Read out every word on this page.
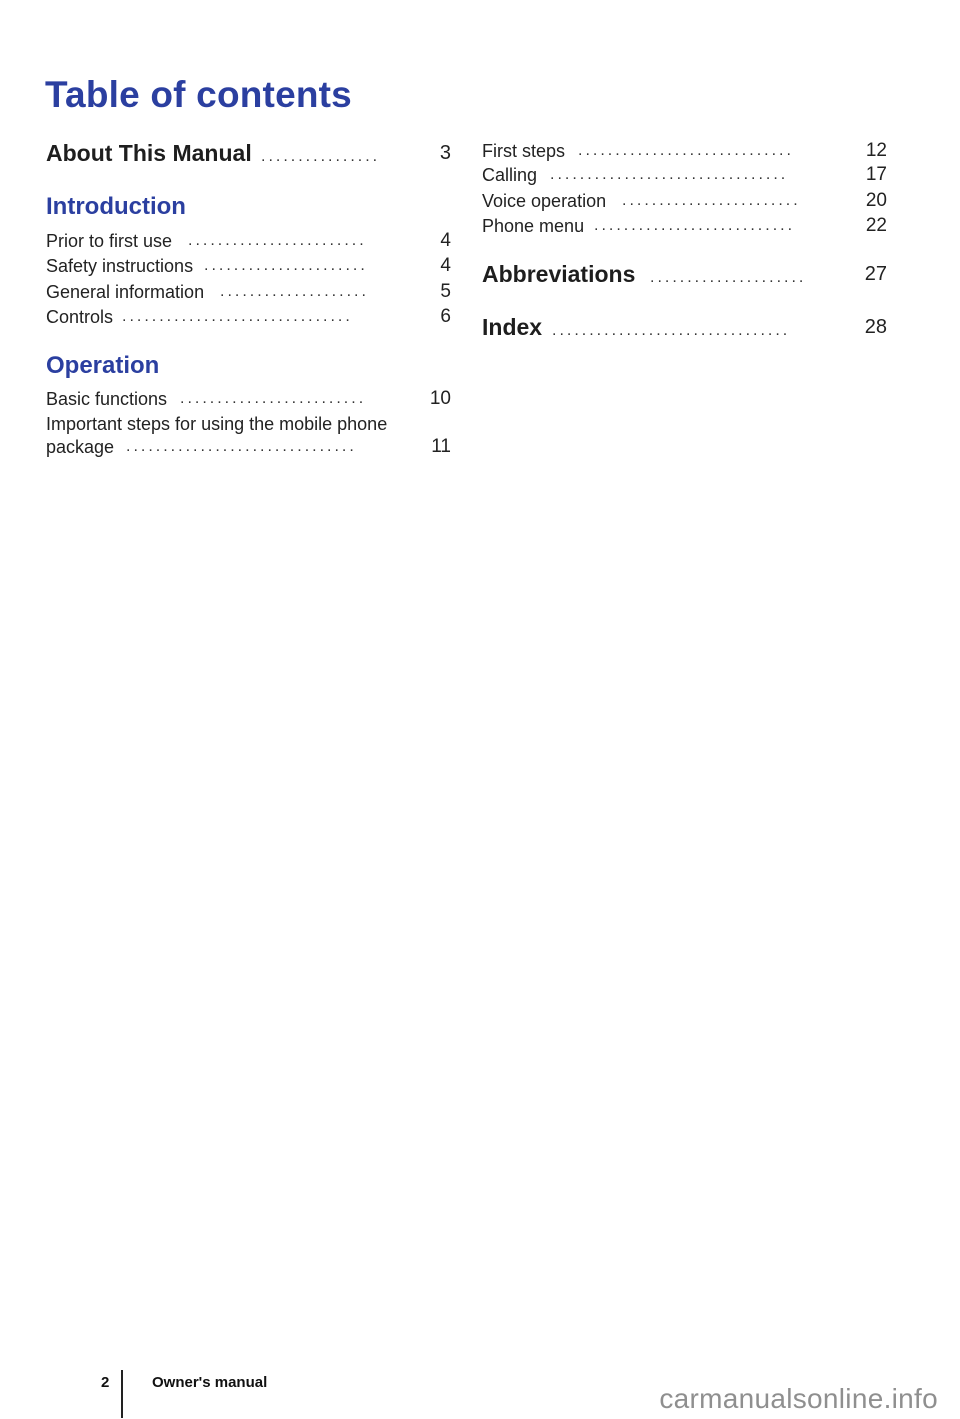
Table of contents
About This Manual ................	3
Introduction
Prior to first use ........................	4
Safety instructions ......................	4
General information ....................	5
Controls ...............................	6
Operation
Basic functions .........................	10
Important steps for using the mobile phone
package ...............................	11
First steps .............................	12
Calling ................................	17
Voice operation ........................	20
Phone menu ...........................	22
Abbreviations .....................	27
Index ................................	28
2	Owner's manual
carmanualsonline.info
